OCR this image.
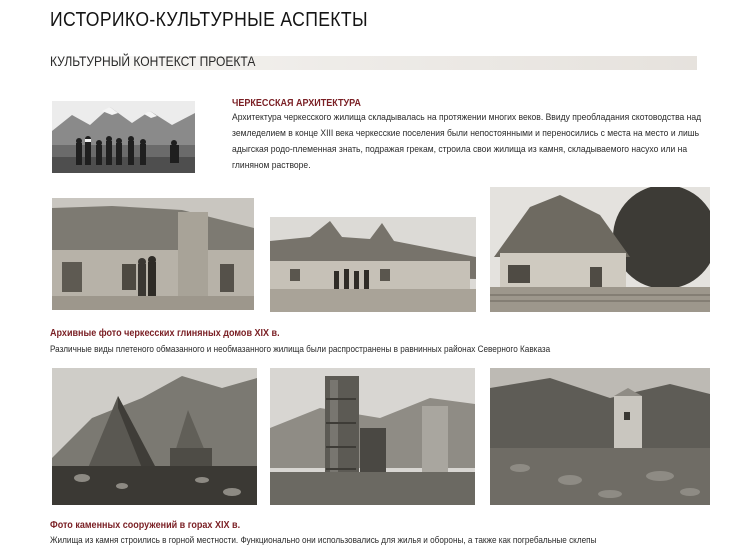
ИСТОРИКО-КУЛЬТУРНЫЕ АСПЕКТЫ
КУЛЬТУРНЫЙ КОНТЕКСТ ПРОЕКТА
ЧЕРКЕССКАЯ АРХИТЕКТУРА
Архитектура черкесского жилища складывалась на протяжении многих веков. Ввиду преобладания скотоводства над земледелием в конце XIII века черкесские поселения были непостоянными и переносились с места на место и лишь адыгская родо-племенная знать, подражая грекам, строила свои жилища из камня, складываемого насухо или на глиняном растворе.
Архивные фото черкесских глиняных домов XIX в.
Различные виды плетеного обмазанного и необмазанного жилища были распространены в равнинных районах Северного Кавказа
Фото каменных сооружений в горах XIX в.
Жилища из камня строились в горной местности. Функционально они использовались для жилья и обороны, а также как погребальные склепы
